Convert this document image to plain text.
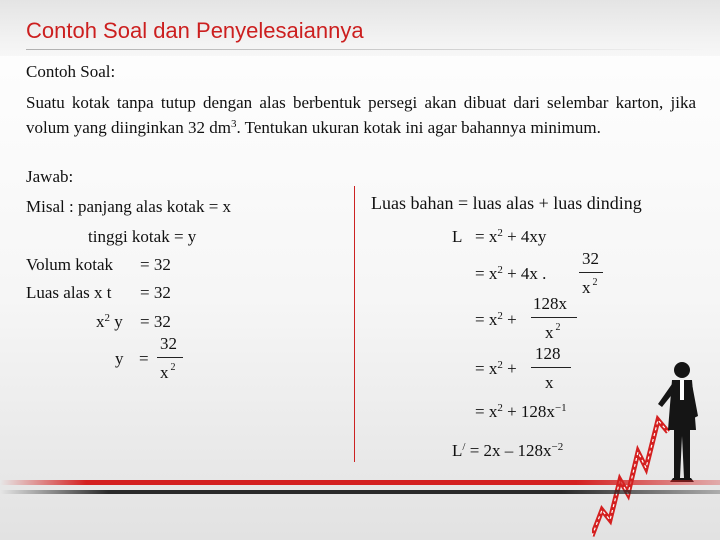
Contoh Soal dan Penyelesaiannya
Contoh Soal:
Suatu kotak tanpa tutup dengan alas berbentuk persegi akan dibuat dari selembar karton, jika volum yang diinginkan 32 $dm^3$. Tentukan ukuran kotak ini agar bahannya minimum.
Jawab:
Misal : panjang alas kotak = x
tinggi kotak = y
Volum kotak = 32
Luas alas x t = 32
$x^2$ y = 32
y =
32
x $^2$
Luas bahan = luas alas + luas dinding
$L = x^2 + 4xy$
= $x^2 + 4x$ .
32
x $^2$
= $x^2$ +
128x
x $^2$
= $x^2$ +
128
x
= $x^2 + 128x^{-1}$
$L^/ = 2x - 128x^{-2}$
